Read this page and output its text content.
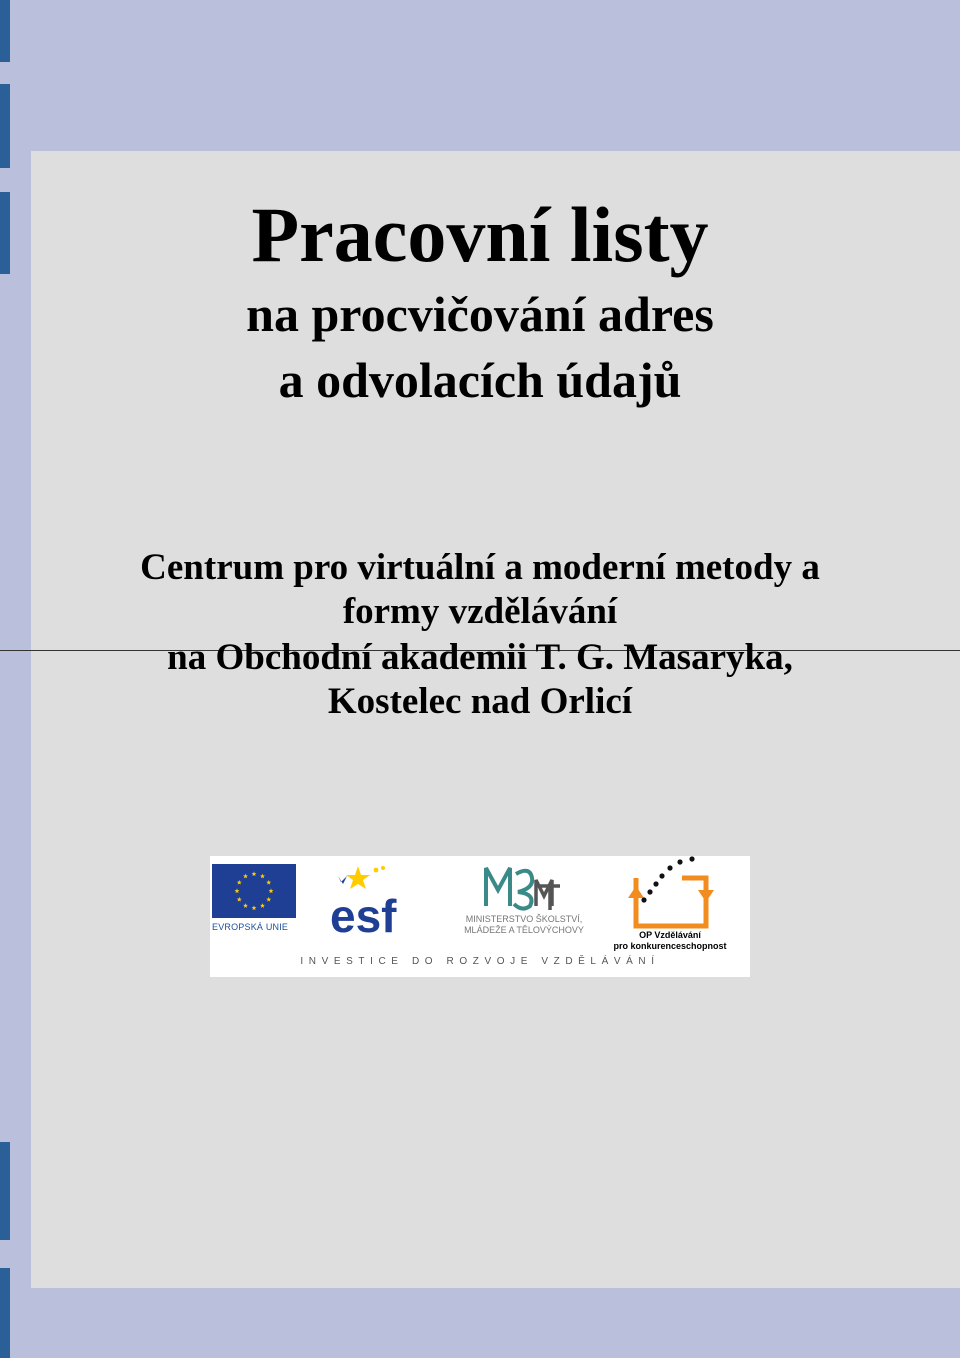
Pracovní listy
na procvičování adres
a odvolacích údajů
Centrum pro virtuální a moderní metody a
formy vzdělávání
na Obchodní akademii T. G. Masaryka,
Kostelec nad Orlicí
EVROPSKÁ UNIE esf	MINISTERSTVO ŠKOLSTVÍ,
MLÁDEŽE A TĚLOVÝCHOVY	OP Vzdělávání
pro konkurenceschopnost
INVESTICE DO ROZVOJE VZDĚLÁVÁNÍ
